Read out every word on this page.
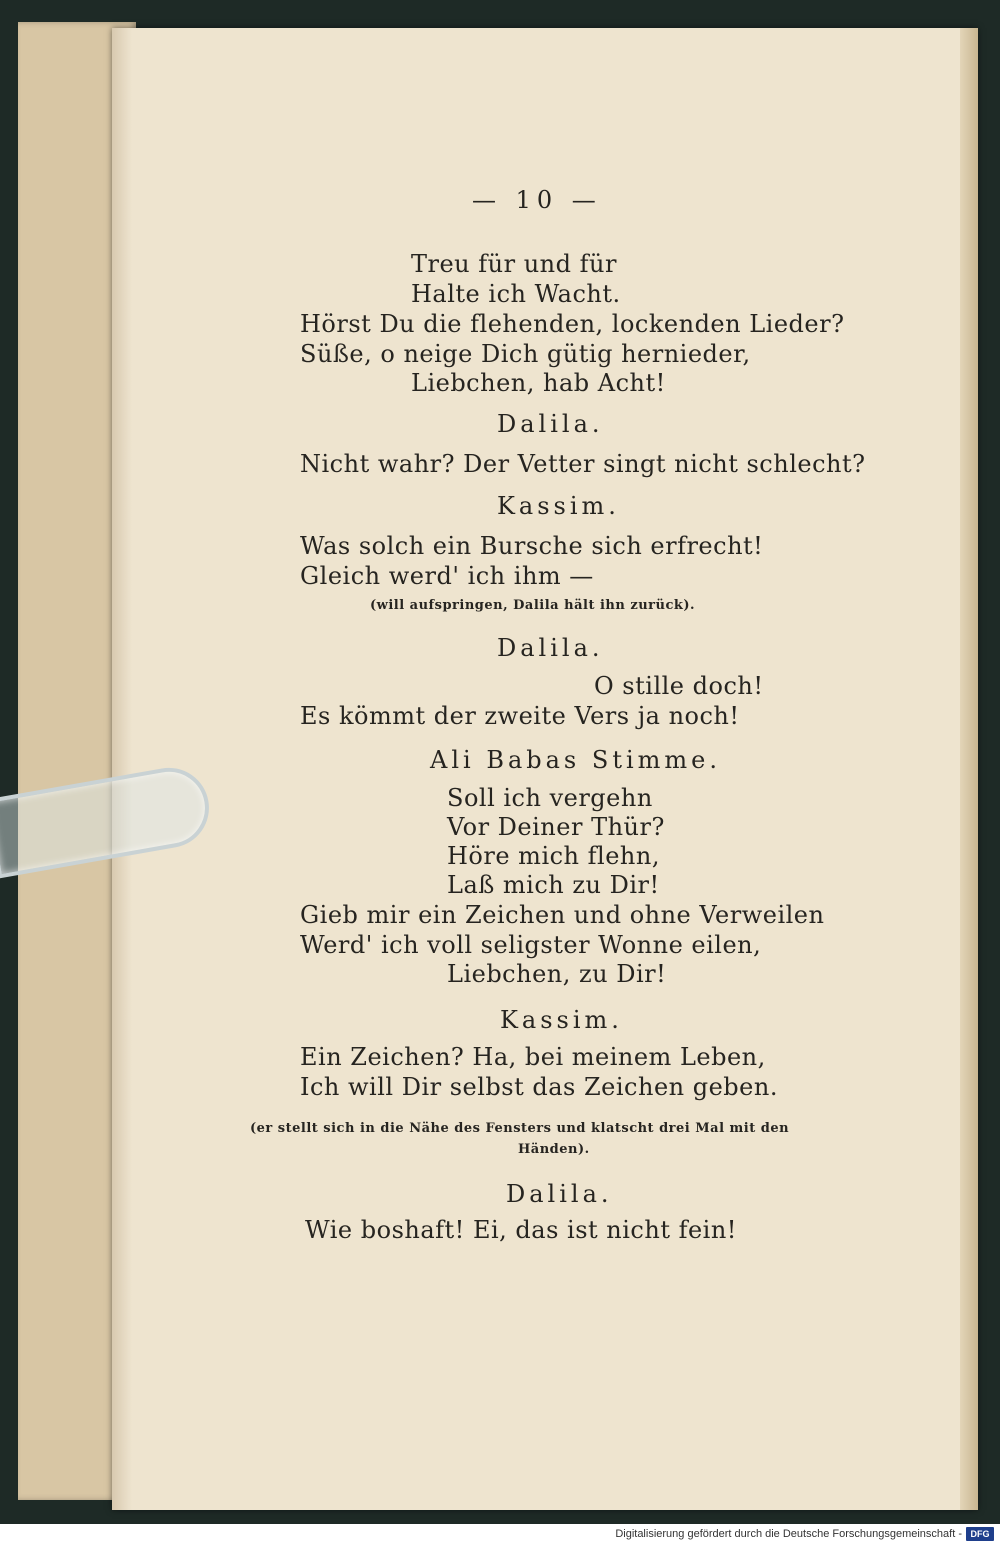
— 10 —
Treu für und für
Halte ich Wacht.
Hörst Du die flehenden, lockenden Lieder?
Süße, o neige Dich gütig hernieder,
Liebchen, hab Acht!
Dalila.
Nicht wahr? Der Vetter singt nicht schlecht?
Kassim.
Was solch ein Bursche sich erfrecht!
Gleich werd' ich ihm —
(will aufspringen, Dalila hält ihn zurück).
Dalila.
O stille doch!
Es kömmt der zweite Vers ja noch!
Ali Babas Stimme.
Soll ich vergehn
Vor Deiner Thür?
Höre mich flehn,
Laß mich zu Dir!
Gieb mir ein Zeichen und ohne Verweilen
Werd' ich voll seligster Wonne eilen,
Liebchen, zu Dir!
Kassim.
Ein Zeichen? Ha, bei meinem Leben,
Ich will Dir selbst das Zeichen geben.
(er stellt sich in die Nähe des Fensters und klatscht drei Mal mit den
Händen).
Dalila.
Wie boshaft! Ei, das ist nicht fein!
Digitalisierung gefördert durch die Deutsche Forschungsgemeinschaft - DFG
